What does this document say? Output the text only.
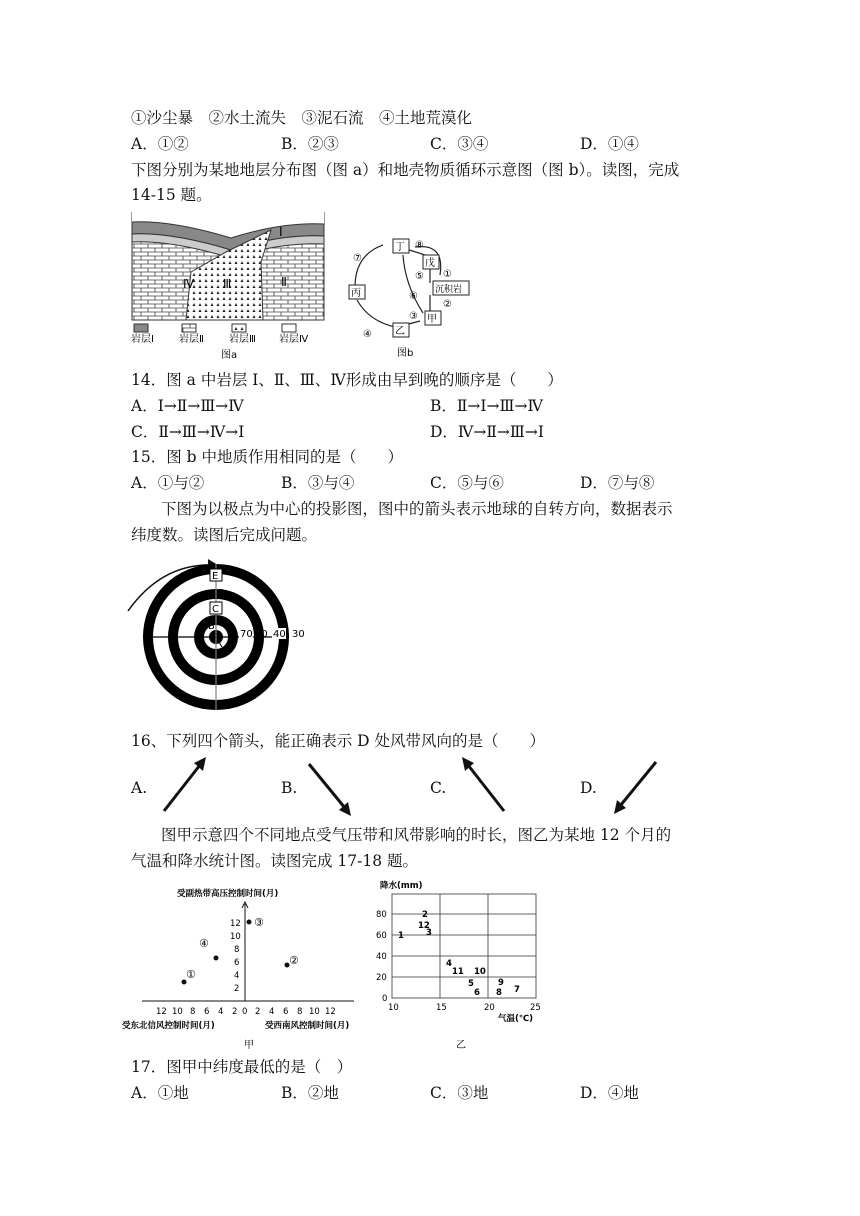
①沙尘暴　②水土流失　③泥石流　④土地荒漠化
A．①②	B．②③	C．③④	D．①④
下图分别为某地地层分布图（图 a）和地壳物质循环示意图（图 b）。读图，完成
14-15 题。
Ⅰ
Ⅱ
Ⅲ
Ⅳ
岩层Ⅰ	岩层Ⅱ	岩层Ⅲ 岩层Ⅳ
图a
丁
戊
沉积岩
丙
甲
乙
⑧
⑤ ①
⑦
⑥
②
④
③
图b
14．图 a 中岩层 Ⅰ、Ⅱ、Ⅲ、Ⅳ形成由早到晚的顺序是（　　）
A．Ⅰ→Ⅱ→Ⅲ→Ⅳ	B．Ⅱ→Ⅰ→Ⅲ→Ⅳ
C．Ⅱ→Ⅲ→Ⅳ→Ⅰ	D．Ⅳ→Ⅱ→Ⅲ→Ⅰ
15．图 b 中地质作用相同的是（　　）
A．①与②	B．③与④	C．⑤与⑥	D．⑦与⑧
下图为以极点为中心的投影图，图中的箭头表示地球的自转方向，数据表示
纬度数。读图后完成问题。
E
D
C
B
A
70 60 40 30
16、下列四个箭头，能正确表示 D 处风带风向的是（　　）
A.	B.	C.	D.
图甲示意四个不同地点受气压带和风带影响的时长，图乙为某地 12 个月的
气温和降水统计图。读图完成 17-18 题。
受副热带高压控制时间(月)
12
10
8
6
4
2
12 10 8 6 4 2 0 2 4 6 8 10 12
受东北信风控制时间(月)	受西南风控制时间(月)
①
②
③
④
甲
降水(mm)
80
60
40
20
0
10	15	20	25
气温(℃)
1
2
3
4
5
6	7
8
9
10
11
12
乙
17．图甲中纬度最低的是（　）
A．①地	B．②地	C．③地	D．④地
